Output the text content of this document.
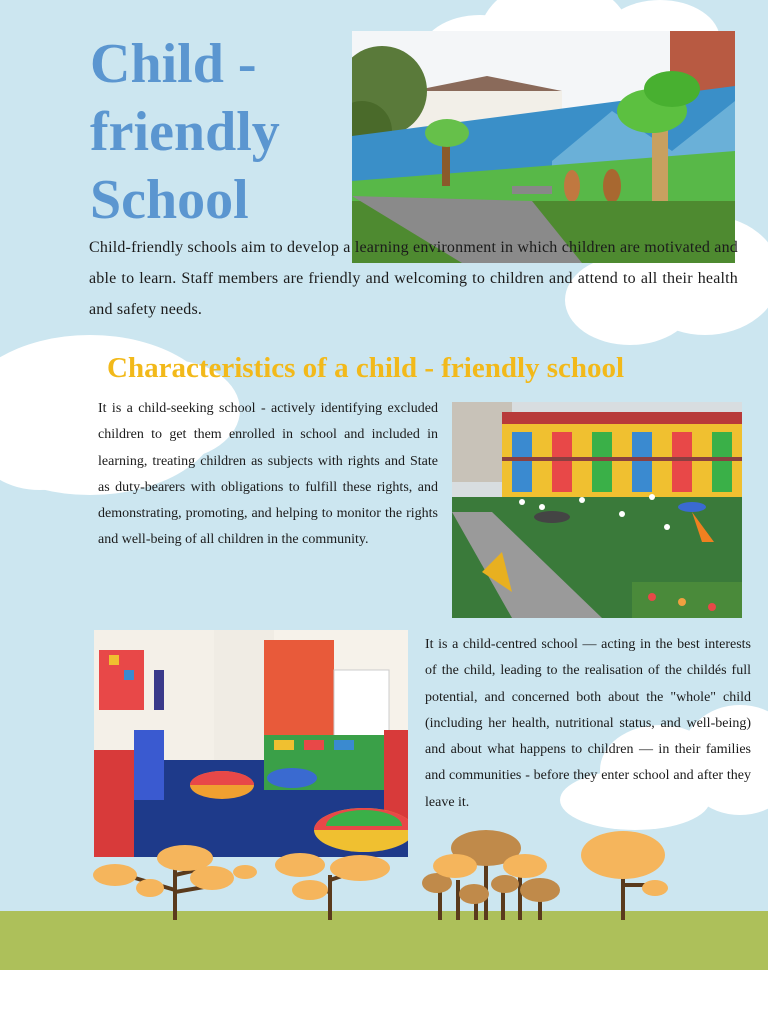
Child -
friendly
School

Child-friendly schools aim to develop a learning environment in which children are motivated and able to learn. Staff members are friendly and welcoming to children and attend to all their health and safety needs.

Characteristics of a child - friendly school

It is a child-seeking school - actively identifying excluded children to get them enrolled in school and included in learning, treating children as subjects with rights and State as duty-bearers with obligations to fulfill these rights, and demonstrating, promoting, and helping to monitor the rights and well-being of all children in the community.

It is a child-centred school — acting in the best interests of the child, leading to the realisation of the childés full potential, and concerned both about the "whole" child (including her health, nutritional status, and well-being) and about what happens to children — in their families and communities - before they enter school and after they leave it.
